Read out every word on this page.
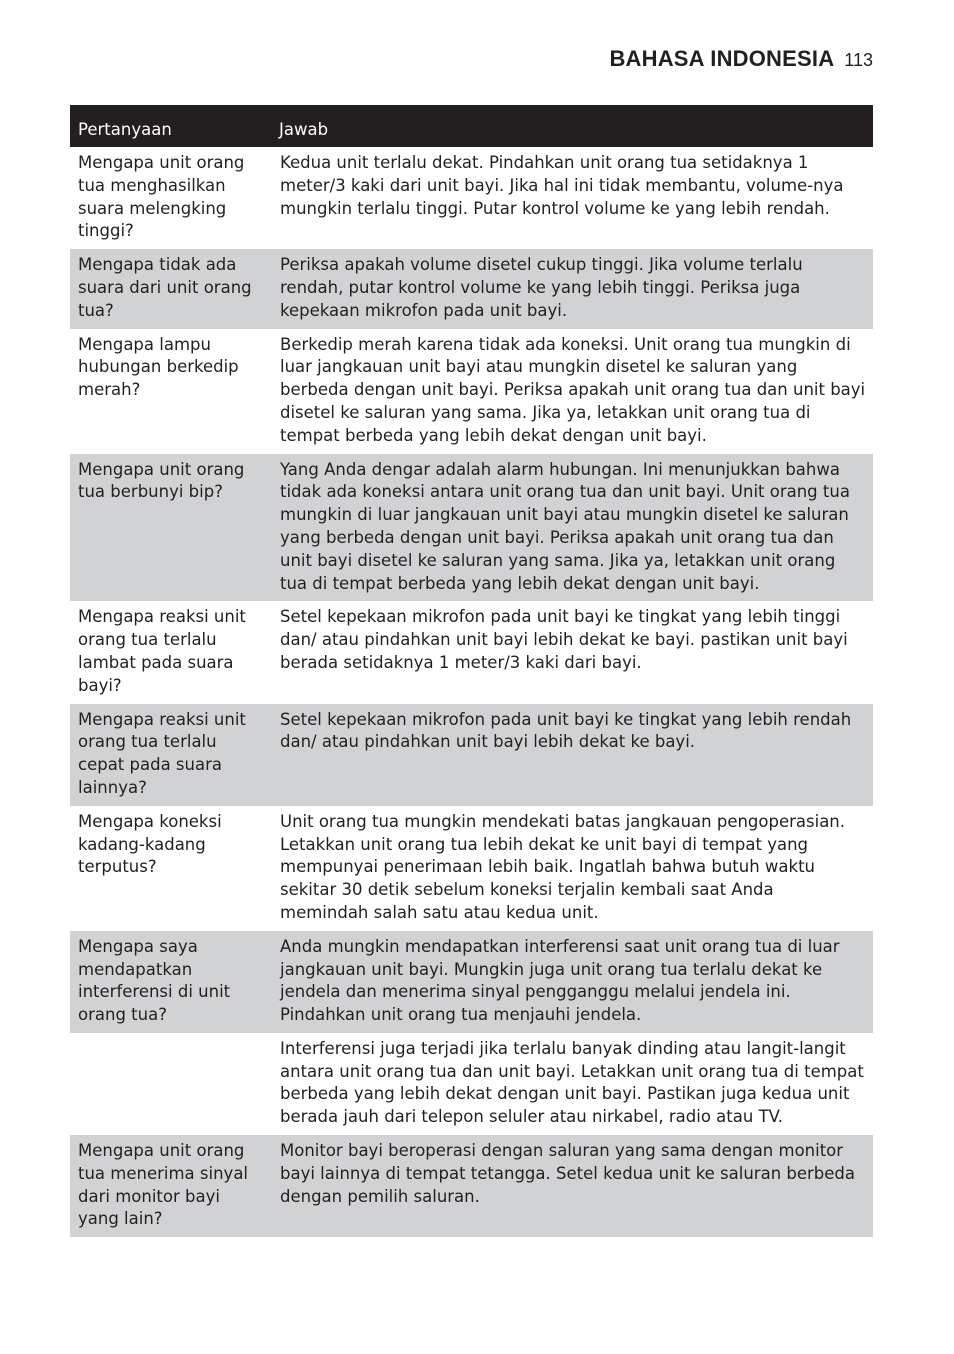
BAHASA INDONESIA 113
Pertanyaan	Jawab
Mengapa unit orang tua menghasilkan suara melengking tinggi?	Kedua unit terlalu dekat. Pindahkan unit orang tua setidaknya 1 meter/3 kaki dari unit bayi. Jika hal ini tidak membantu, volume-nya mungkin terlalu tinggi. Putar kontrol volume ke yang lebih rendah.
Mengapa tidak ada suara dari unit orang tua?	Periksa apakah volume disetel cukup tinggi. Jika volume terlalu rendah, putar kontrol volume ke yang lebih tinggi. Periksa juga kepekaan mikrofon pada unit bayi.
Mengapa lampu hubungan berkedip merah?	Berkedip merah karena tidak ada koneksi. Unit orang tua mungkin di luar jangkauan unit bayi atau mungkin disetel ke saluran yang berbeda dengan unit bayi. Periksa apakah unit orang tua dan unit bayi disetel ke saluran yang sama. Jika ya, letakkan unit orang tua di tempat berbeda yang lebih dekat dengan unit bayi.
Mengapa unit orang tua berbunyi bip?	Yang Anda dengar adalah alarm hubungan. Ini menunjukkan bahwa tidak ada koneksi antara unit orang tua dan unit bayi. Unit orang tua mungkin di luar jangkauan unit bayi atau mungkin disetel ke saluran yang berbeda dengan unit bayi. Periksa apakah unit orang tua dan unit bayi disetel ke saluran yang sama. Jika ya, letakkan unit orang tua di tempat berbeda yang lebih dekat dengan unit bayi.
Mengapa reaksi unit orang tua terlalu lambat pada suara bayi?	Setel kepekaan mikrofon pada unit bayi ke tingkat yang lebih tinggi dan/ atau pindahkan unit bayi lebih dekat ke bayi. pastikan unit bayi berada setidaknya 1 meter/3 kaki dari bayi.
Mengapa reaksi unit orang tua terlalu cepat pada suara lainnya?	Setel kepekaan mikrofon pada unit bayi ke tingkat yang lebih rendah dan/ atau pindahkan unit bayi lebih dekat ke bayi.
Mengapa koneksi kadang-kadang terputus?	Unit orang tua mungkin mendekati batas jangkauan pengoperasian. Letakkan unit orang tua lebih dekat ke unit bayi di tempat yang mempunyai penerimaan lebih baik. Ingatlah bahwa butuh waktu sekitar 30 detik sebelum koneksi terjalin kembali saat Anda memindah salah satu atau kedua unit.
Mengapa saya mendapatkan interferensi di unit orang tua?	Anda mungkin mendapatkan interferensi saat unit orang tua di luar jangkauan unit bayi. Mungkin juga unit orang tua terlalu dekat ke jendela dan menerima sinyal pengganggu melalui jendela ini. Pindahkan unit orang tua menjauhi jendela.
	Interferensi juga terjadi jika terlalu banyak dinding atau langit-langit antara unit orang tua dan unit bayi. Letakkan unit orang tua di tempat berbeda yang lebih dekat dengan unit bayi. Pastikan juga kedua unit berada jauh dari telepon seluler atau nirkabel, radio atau TV.
Mengapa unit orang tua menerima sinyal dari monitor bayi yang lain?	Monitor bayi beroperasi dengan saluran yang sama dengan monitor bayi lainnya di tempat tetangga. Setel kedua unit ke saluran berbeda dengan pemilih saluran.
